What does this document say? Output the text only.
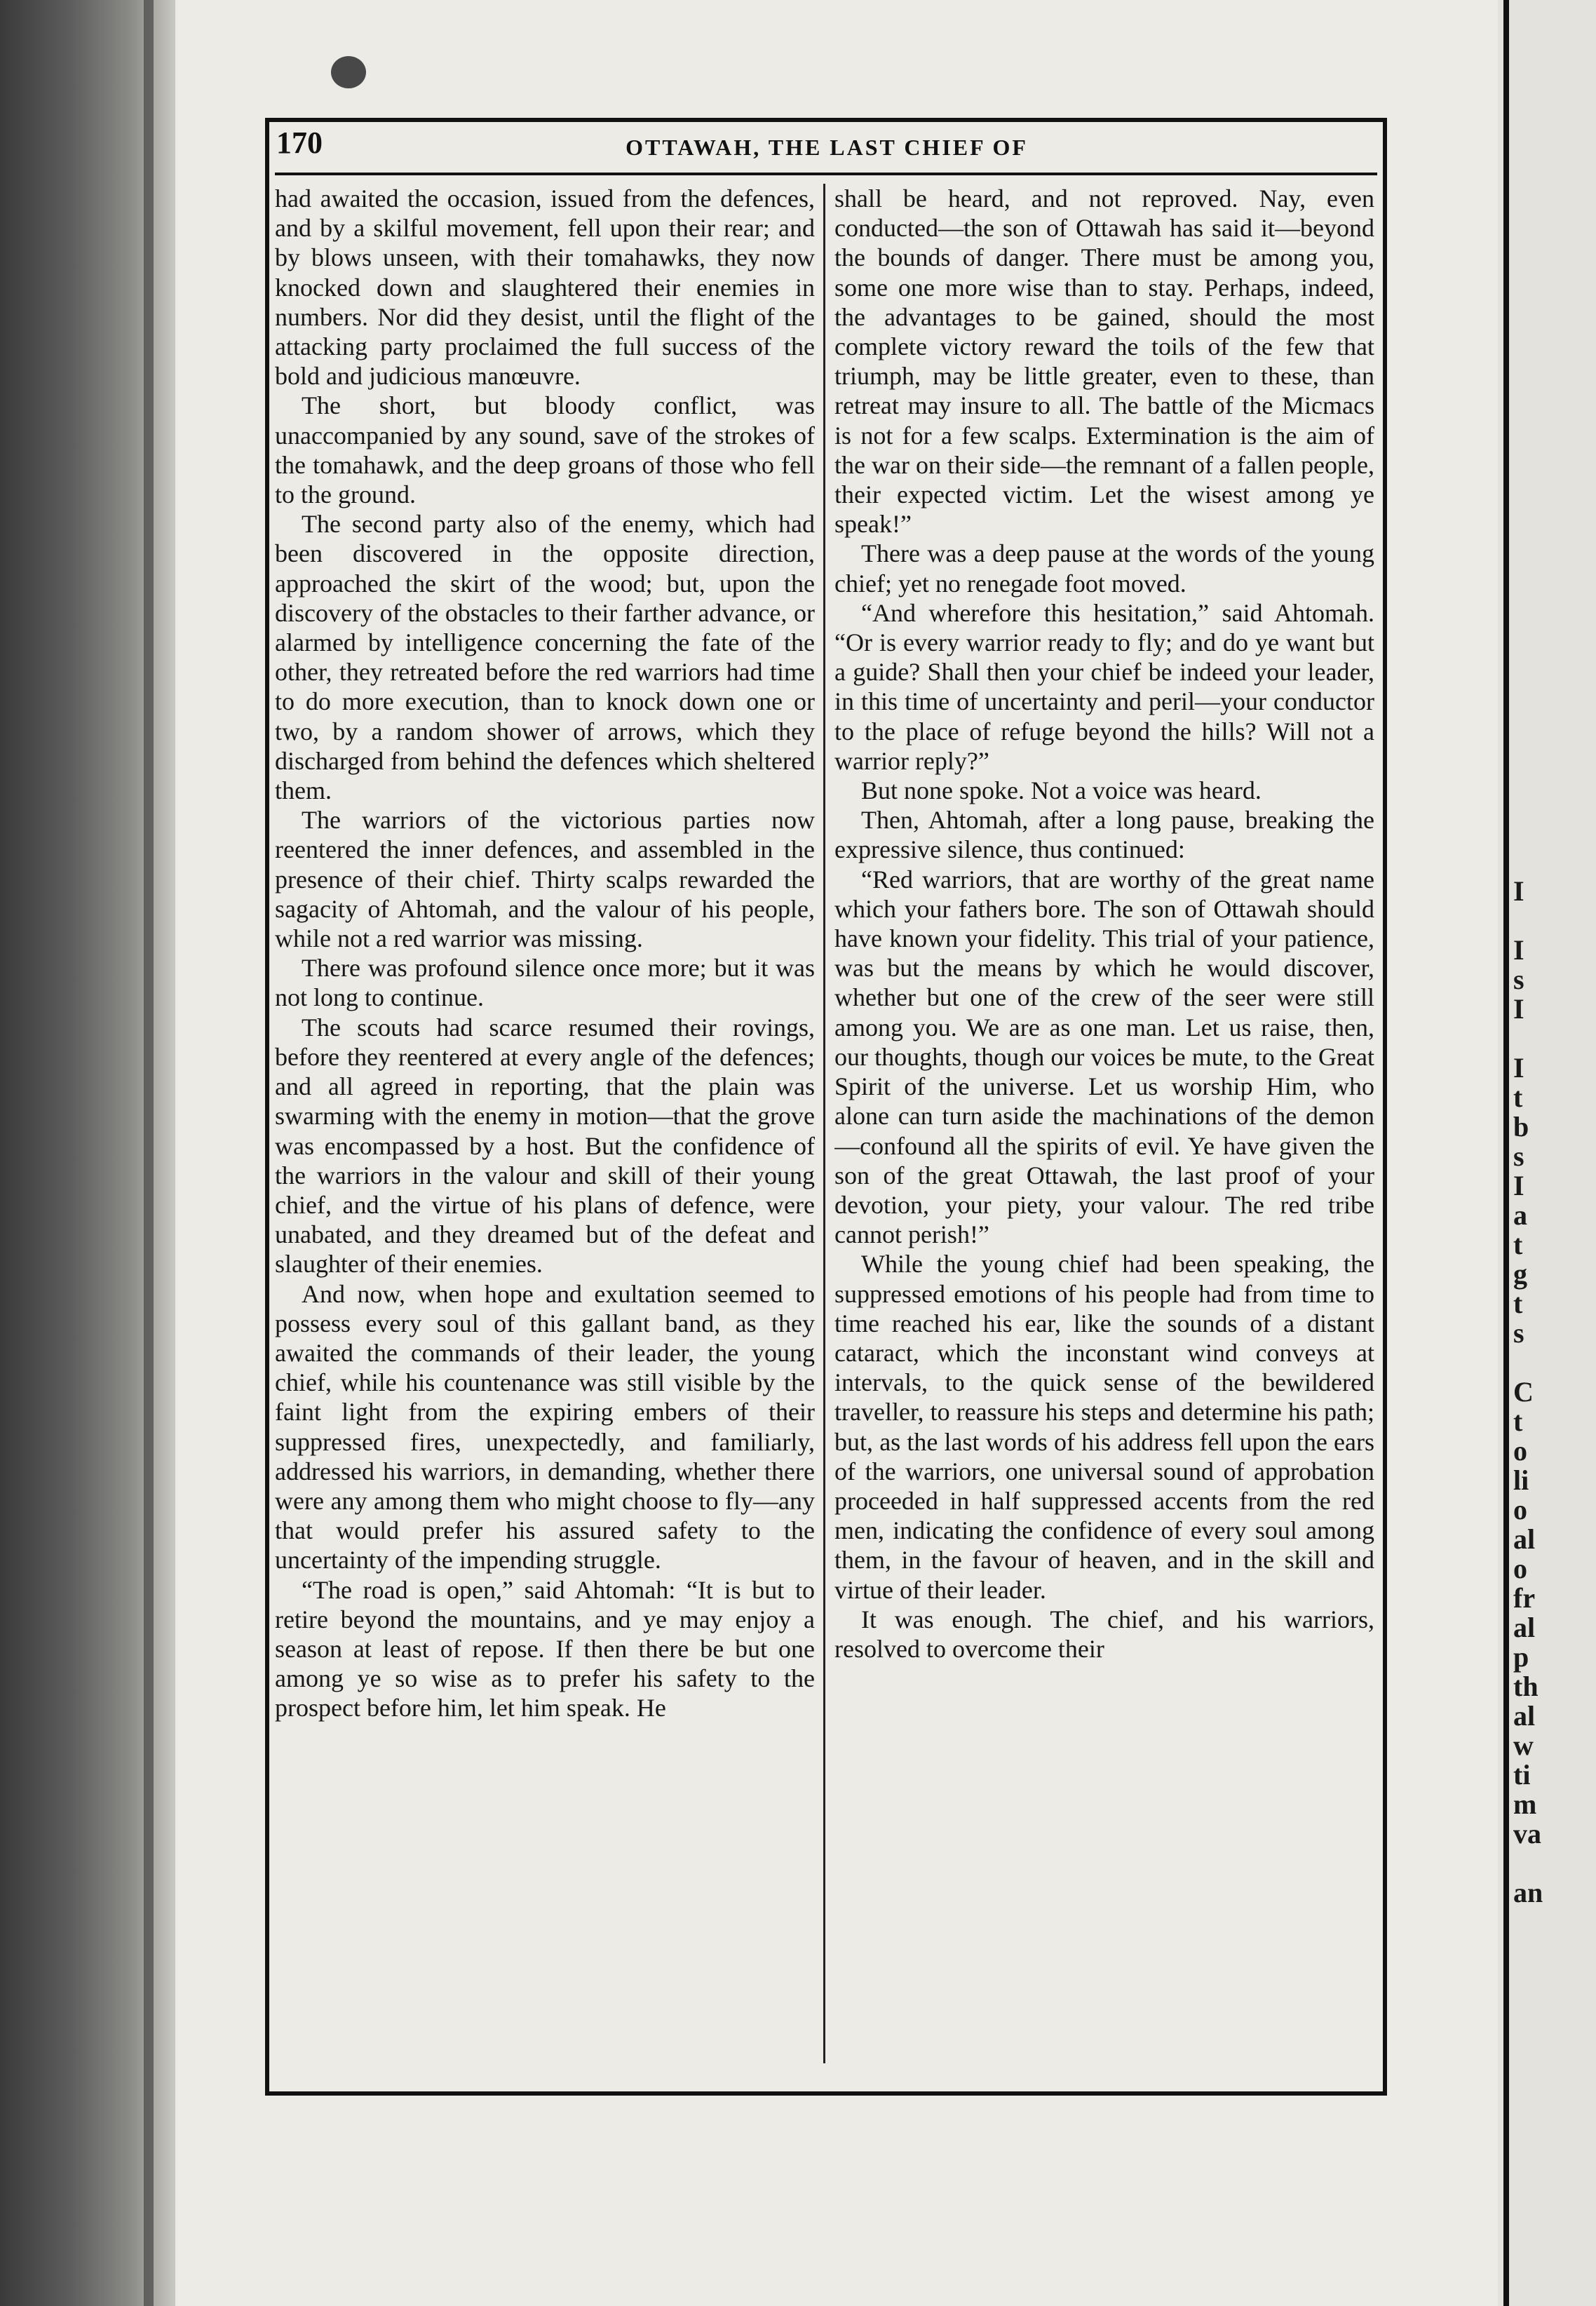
I

I
s
I

I
t
b
s
I
a
t
g
t
s

C
t
o
li
o
al
o
fr
al
p
th
al
w
ti
m
va

an
170	OTTAWAH, THE LAST CHIEF OF

had awaited the occasion, issued from the defences, and by a skilful movement, fell upon their rear; and by blows unseen, with their tomahawks, they now knocked down and slaughtered their enemies in numbers. Nor did they desist, until the flight of the attacking party proclaimed the full success of the bold and judicious manœuvre.

The short, but bloody conflict, was unaccompanied by any sound, save of the strokes of the tomahawk, and the deep groans of those who fell to the ground.

The second party also of the enemy, which had been discovered in the opposite direction, approached the skirt of the wood; but, upon the discovery of the obstacles to their farther advance, or alarmed by intelligence concerning the fate of the other, they retreated before the red warriors had time to do more execution, than to knock down one or two, by a random shower of arrows, which they discharged from behind the defences which sheltered them.

The warriors of the victorious parties now reentered the inner defences, and assembled in the presence of their chief. Thirty scalps rewarded the sagacity of Ahtomah, and the valour of his people, while not a red warrior was missing.

There was profound silence once more; but it was not long to continue.

The scouts had scarce resumed their rovings, before they reentered at every angle of the defences; and all agreed in reporting, that the plain was swarming with the enemy in motion—that the grove was encompassed by a host. But the confidence of the warriors in the valour and skill of their young chief, and the virtue of his plans of defence, were unabated, and they dreamed but of the defeat and slaughter of their enemies.

And now, when hope and exultation seemed to possess every soul of this gallant band, as they awaited the commands of their leader, the young chief, while his countenance was still visible by the faint light from the expiring embers of their suppressed fires, unexpectedly, and familiarly, addressed his warriors, in demanding, whether there were any among them who might choose to fly—any that would prefer his assured safety to the uncertainty of the impending struggle.

“The road is open,” said Ahtomah: “It is but to retire beyond the mountains, and ye may enjoy a season at least of repose. If then there be but one among ye so wise as to prefer his safety to the prospect before him, let him speak. He

shall be heard, and not reproved. Nay, even conducted—the son of Ottawah has said it—beyond the bounds of danger. There must be among you, some one more wise than to stay. Perhaps, indeed, the advantages to be gained, should the most complete victory reward the toils of the few that triumph, may be little greater, even to these, than retreat may insure to all. The battle of the Micmacs is not for a few scalps. Extermination is the aim of the war on their side—the remnant of a fallen people, their expected victim. Let the wisest among ye speak!”

There was a deep pause at the words of the young chief; yet no renegade foot moved.

“And wherefore this hesitation,” said Ahtomah. “Or is every warrior ready to fly; and do ye want but a guide? Shall then your chief be indeed your leader, in this time of uncertainty and peril—your conductor to the place of refuge beyond the hills? Will not a warrior reply?”

But none spoke. Not a voice was heard.

Then, Ahtomah, after a long pause, breaking the expressive silence, thus continued:

“Red warriors, that are worthy of the great name which your fathers bore. The son of Ottawah should have known your fidelity. This trial of your patience, was but the means by which he would discover, whether but one of the crew of the seer were still among you. We are as one man. Let us raise, then, our thoughts, though our voices be mute, to the Great Spirit of the universe. Let us worship Him, who alone can turn aside the machinations of the demon—confound all the spirits of evil. Ye have given the son of the great Ottawah, the last proof of your devotion, your piety, your valour. The red tribe cannot perish!”

While the young chief had been speaking, the suppressed emotions of his people had from time to time reached his ear, like the sounds of a distant cataract, which the inconstant wind conveys at intervals, to the quick sense of the bewildered traveller, to reassure his steps and determine his path; but, as the last words of his address fell upon the ears of the warriors, one universal sound of approbation proceeded in half suppressed accents from the red men, indicating the confidence of every soul among them, in the favour of heaven, and in the skill and virtue of their leader.

It was enough. The chief, and his warriors, resolved to overcome their
